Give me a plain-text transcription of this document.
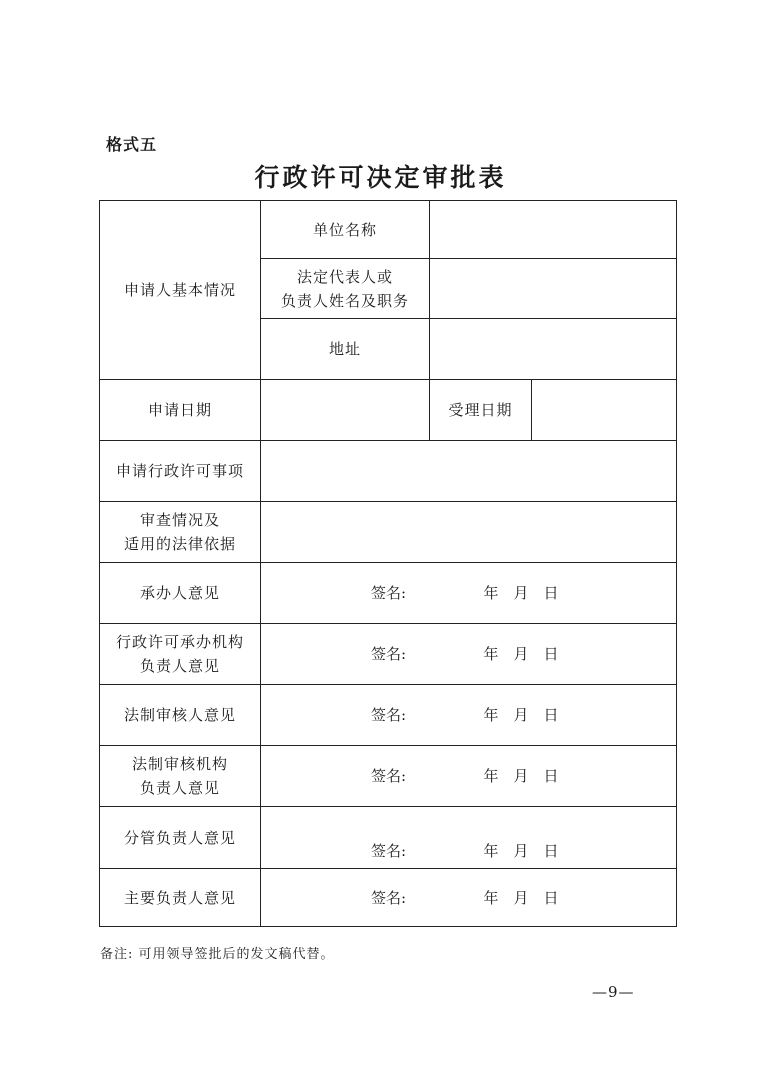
格式五
行政许可决定审批表
申请人基本情况	单位名称		

	法定代表人或
负责人姓名及职务		

	地址		
申请日期		受理日期	
申请行政许可事项			

审查情况及
适用的法律依据			

承办人意见	签名: 年 月 日		

行政许可承办机构
负责人意见	签名: 年 月 日		

法制审核人意见	签名: 年 月 日		

法制审核机构
负责人意见	签名: 年 月 日		

分管负责人意见	签名: 年 月 日		

主要负责人意见	签名: 年 月 日		
备注: 可用领导签批后的发文稿代替。
—9—
